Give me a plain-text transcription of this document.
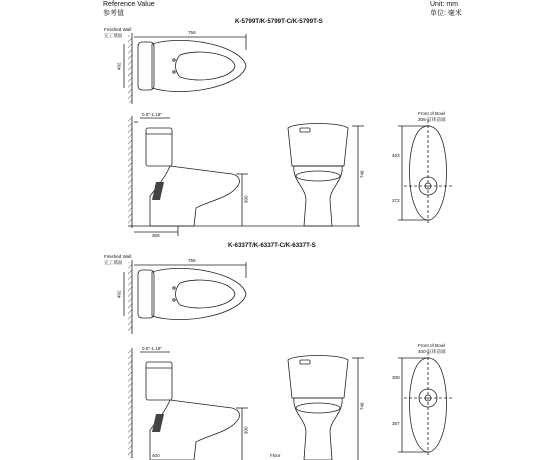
Reference Value
参考值
Unit: mm
单位: 毫米
K-5799T/K-5799T-C/K-5799T-S
Finished Wall
完工墙面
756
492
0.5"-1.18"
390
305
746
Front of Bowl
305-缸体前端
403
272
K-6337T/K-6337T-C/K-6337T-S
Finished Wall
完工墙面	756
492
0.5"-1.18"
390
746
Front of Bowl
400-缸体前端
308
367
400	Floor
